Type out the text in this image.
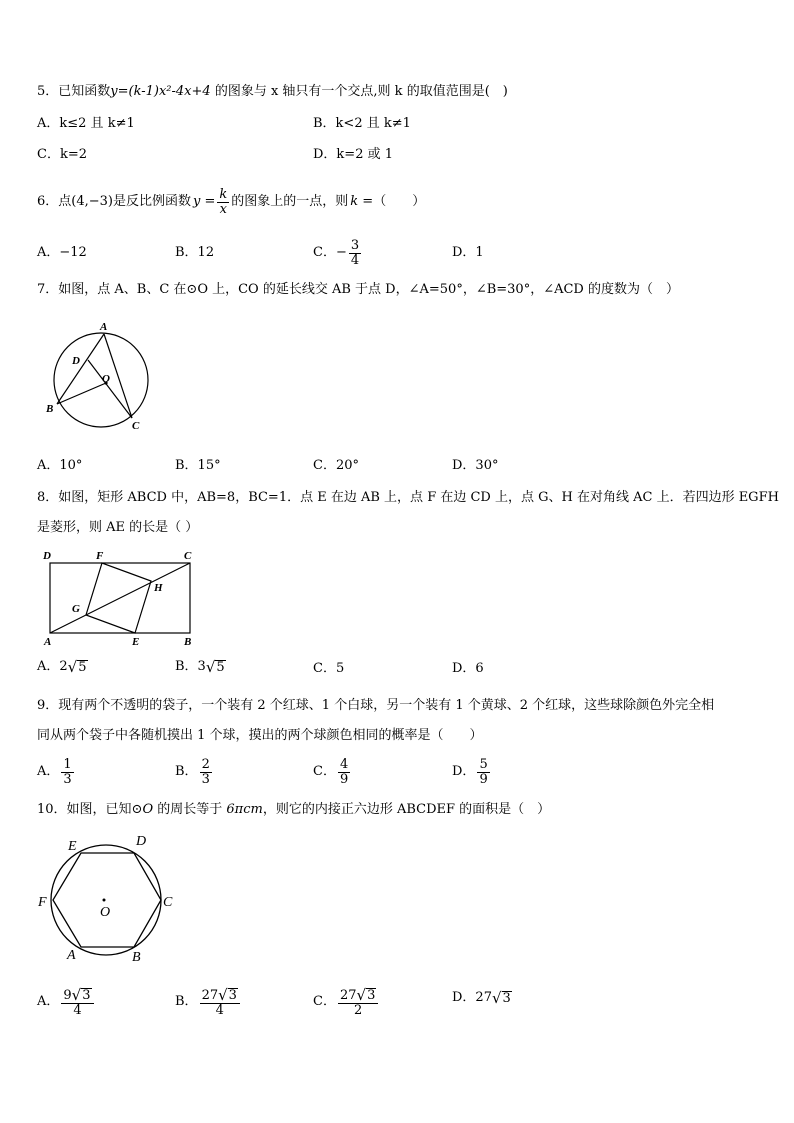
5．已知函数y=(k-1)x²-4x+4 的图象与 x 轴只有一个交点,则 k 的取值范围是(　)
A．k≤2 且 k≠1	B．k<2 且 k≠1
C．k=2	D．k=2 或 1
6．点 (4,−3) 是反比例函数 $y = \frac{k}{x}$ 的图象上的一点，则 k = （　　）
A．−12	B．12	C．− $\frac{3}{4}$	D．1
7．如图，点 A、B、C 在⊙O 上，CO 的延长线交 AB 于点 D，∠A=50°，∠B=30°，∠ACD 的度数为（　）
A
D
O
B
C
A．10°	B．15°	C．20°	D．30°
8．如图，矩形 ABCD 中，AB=8，BC=1．点 E 在边 AB 上，点 F 在边 CD 上，点 G、H 在对角线 AC 上．若四边形 EGFH
是菱形，则 AE 的长是（ ）
D	F	C
H
G
A	E	B
A．2 √ 5	B．3 √ 5	C．5	D．6
9．现有两个不透明的袋子，一个装有 2 个红球、1 个白球，另一个装有 1 个黄球、2 个红球，这些球除颜色外完全相
同从两个袋子中各随机摸出 1 个球，摸出的两个球颜色相同的概率是（　　）
A． $\frac{1}{3}$	B． $\frac{2}{3}$	C． $\frac{4}{9}$	D． $\frac{5}{9}$
10．如图，已知⊙O 的周长等于 6πcm，则它的内接正六边形 ABCDEF 的面积是（　）
E	D
F
O
C
A	B
A． $\frac{9 √ 3}{4}$	B． $\frac{27 √ 3}{4}$	C． $\frac{27 √ 3}{2}$	D．27 √ 3
